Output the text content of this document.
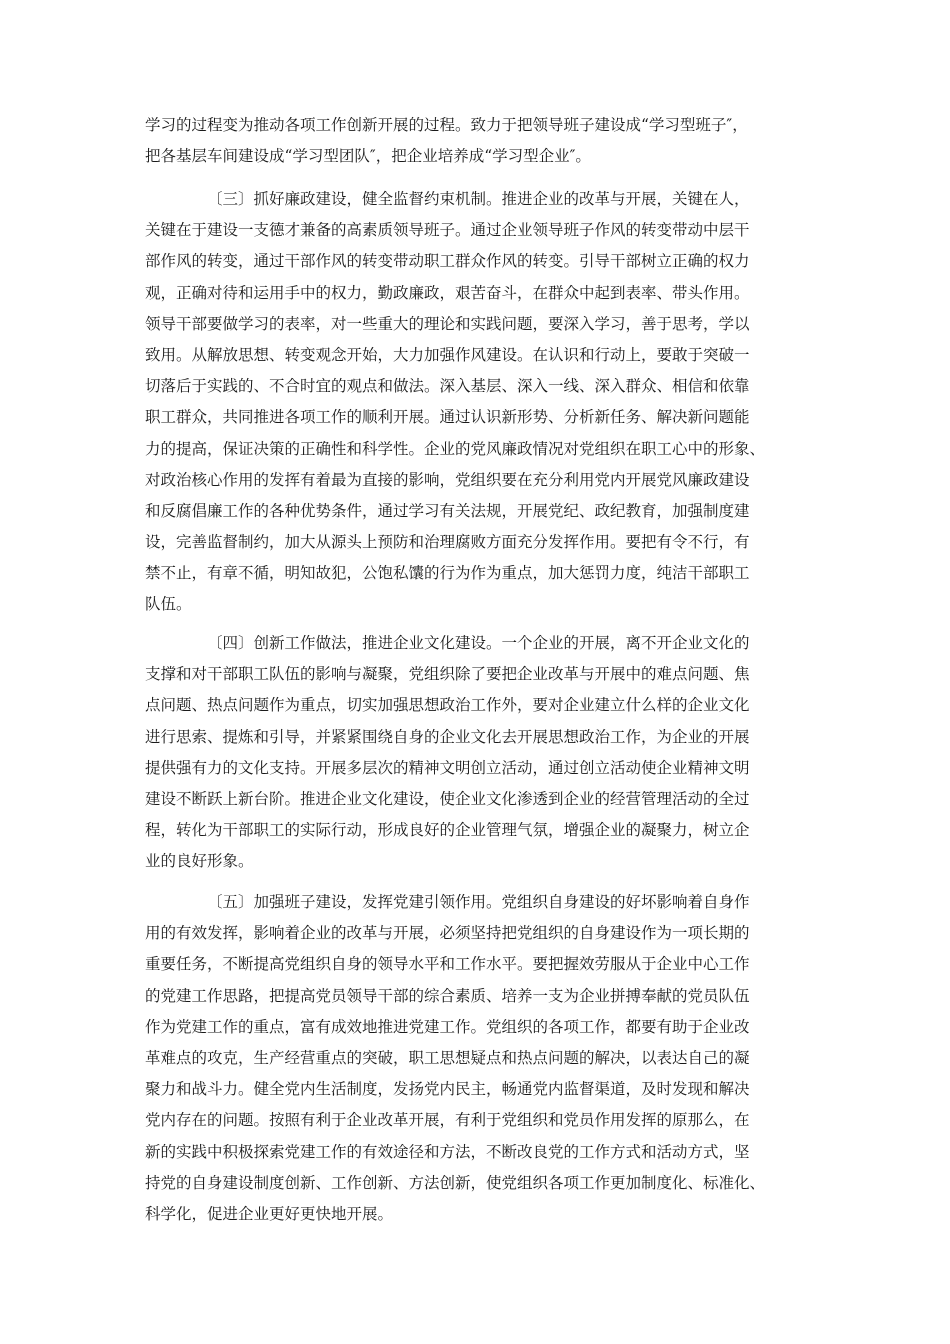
学习的过程变为推动各项工作创新开展的过程。致力于把领导班子建设成“学习型班子″，
把各基层车间建设成“学习型团队″，把企业培养成“学习型企业″。
〔三〕抓好廉政建设，健全监督约束机制。推进企业的改革与开展，关键在人，
关键在于建设一支德才兼备的高素质领导班子。通过企业领导班子作风的转变带动中层干
部作风的转变，通过干部作风的转变带动职工群众作风的转变。引导干部树立正确的权力
观，正确对待和运用手中的权力，勤政廉政，艰苦奋斗，在群众中起到表率、带头作用。
领导干部要做学习的表率，对一些重大的理论和实践问题，要深入学习，善于思考，学以
致用。从解放思想、转变观念开始，大力加强作风建设。在认识和行动上，要敢于突破一
切落后于实践的、不合时宜的观点和做法。深入基层、深入一线、深入群众、相信和依靠
职工群众，共同推进各项工作的顺利开展。通过认识新形势、分析新任务、解决新问题能
力的提高，保证决策的正确性和科学性。企业的党风廉政情况对党组织在职工心中的形象、
对政治核心作用的发挥有着最为直接的影响，党组织要在充分利用党内开展党风廉政建设
和反腐倡廉工作的各种优势条件，通过学习有关法规，开展党纪、政纪教育，加强制度建
设，完善监督制约，加大从源头上预防和治理腐败方面充分发挥作用。要把有令不行，有
禁不止，有章不循，明知故犯，公饱私馕的行为作为重点，加大惩罚力度，纯洁干部职工
队伍。
〔四〕创新工作做法，推进企业文化建设。一个企业的开展，离不开企业文化的
支撑和对干部职工队伍的影响与凝聚，党组织除了要把企业改革与开展中的难点问题、焦
点问题、热点问题作为重点，切实加强思想政治工作外，要对企业建立什么样的企业文化
进行思索、提炼和引导，并紧紧围绕自身的企业文化去开展思想政治工作，为企业的开展
提供强有力的文化支持。开展多层次的精神文明创立活动，通过创立活动使企业精神文明
建设不断跃上新台阶。推进企业文化建设，使企业文化渗透到企业的经营管理活动的全过
程，转化为干部职工的实际行动，形成良好的企业管理气氛，增强企业的凝聚力，树立企
业的良好形象。
〔五〕加强班子建设，发挥党建引领作用。党组织自身建设的好坏影响着自身作
用的有效发挥，影响着企业的改革与开展，必须坚持把党组织的自身建设作为一项长期的
重要任务，不断提高党组织自身的领导水平和工作水平。要把握效劳服从于企业中心工作
的党建工作思路，把提高党员领导干部的综合素质、培养一支为企业拼搏奉献的党员队伍
作为党建工作的重点，富有成效地推进党建工作。党组织的各项工作，都要有助于企业改
革难点的攻克，生产经营重点的突破，职工思想疑点和热点问题的解决，以表达自己的凝
聚力和战斗力。健全党内生活制度，发扬党内民主，畅通党内监督渠道，及时发现和解决
党内存在的问题。按照有利于企业改革开展，有利于党组织和党员作用发挥的原那么，在
新的实践中积极探索党建工作的有效途径和方法，不断改良党的工作方式和活动方式，坚
持党的自身建设制度创新、工作创新、方法创新，使党组织各项工作更加制度化、标准化、
科学化，促进企业更好更快地开展。
